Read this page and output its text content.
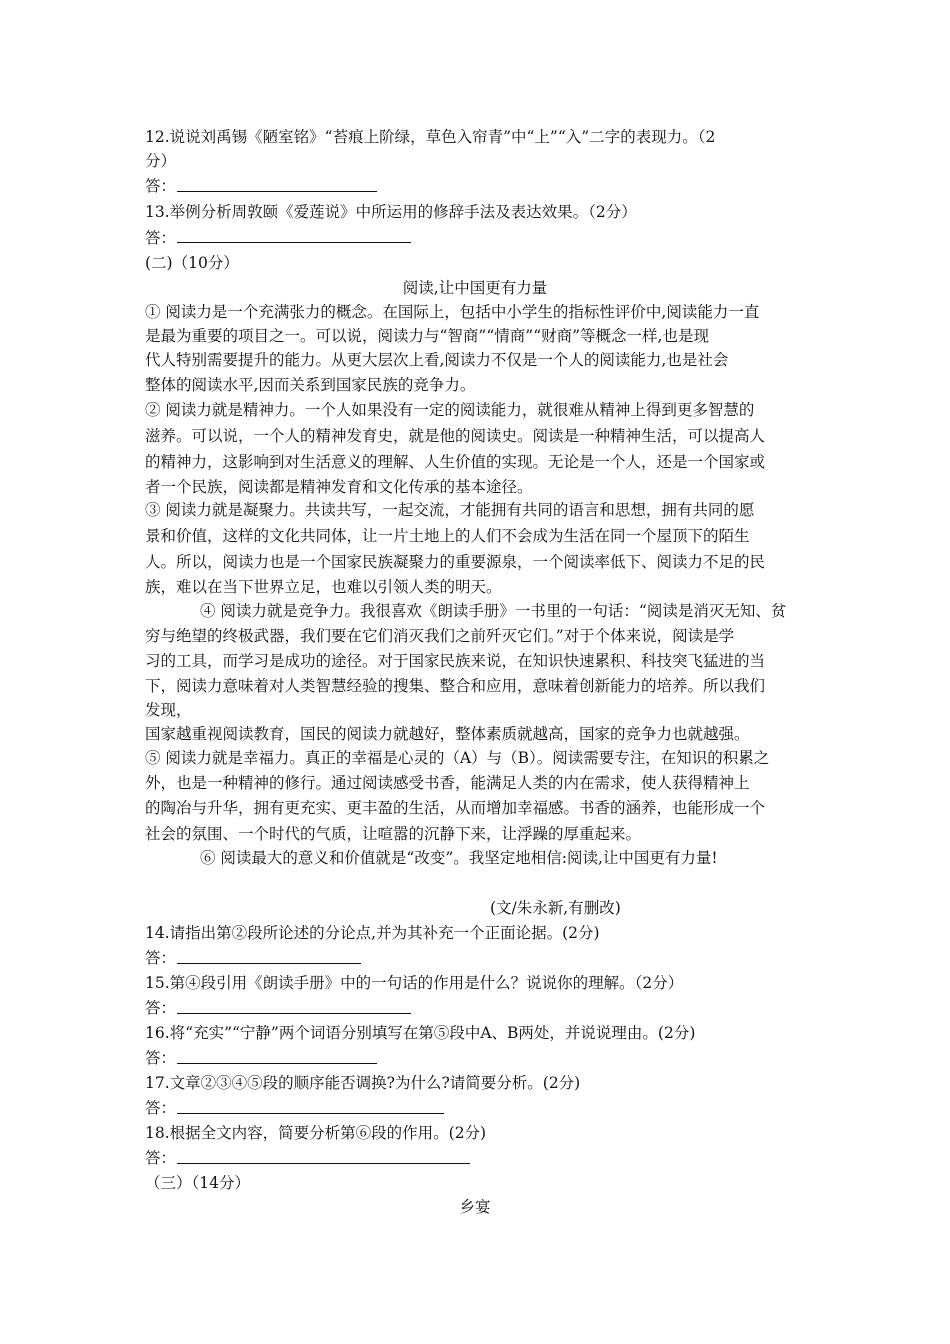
12.说说刘禹锡《陋室铭》“苔痕上阶绿，草色入帘青”中“上”“入”二字的表现力。（2
分）
答：
13.举例分析周敦颐《爱莲说》中所运用的修辞手法及表达效果。（2分）
答：
(二)（10分）
阅读,让中国更有力量
① 阅读力是一个充满张力的概念。在国际上，包括中小学生的指标性评价中,阅读能力一直
是最为重要的项目之一。可以说，阅读力与“智商”“情商”“财商”等概念一样,也是现
代人特别需要提升的能力。从更大层次上看,阅读力不仅是一个人的阅读能力,也是社会
整体的阅读水平,因而关系到国家民族的竞争力。
② 阅读力就是精神力。一个人如果没有一定的阅读能力，就很难从精神上得到更多智慧的
滋养。可以说，一个人的精神发育史，就是他的阅读史。阅读是一种精神生活，可以提高人
的精神力，这影响到对生活意义的理解、人生价值的实现。无论是一个人，还是一个国家或
者一个民族，阅读都是精神发育和文化传承的基本途径。
③ 阅读力就是凝聚力。共读共写，一起交流，才能拥有共同的语言和思想，拥有共同的愿
景和价值，这样的文化共同体，让一片土地上的人们不会成为生活在同一个屋顶下的陌生
人。所以，阅读力也是一个国家民族凝聚力的重要源泉，一个阅读率低下、阅读力不足的民
族，难以在当下世界立足，也难以引领人类的明天。
④ 阅读力就是竞争力。我很喜欢《朗读手册》一书里的一句话：“阅读是消灭无知、贫
穷与绝望的终极武器，我们要在它们消灭我们之前歼灭它们。”对于个体来说，阅读是学
习的工具，而学习是成功的途径。对于国家民族来说，在知识快速累积、科技突飞猛进的当
下，阅读力意味着对人类智慧经验的搜集、整合和应用，意味着创新能力的培养。所以我们
发现，
国家越重视阅读教育，国民的阅读力就越好，整体素质就越高，国家的竞争力也就越强。
⑤ 阅读力就是幸福力。真正的幸福是心灵的（A）与（B）。阅读需要专注，在知识的积累之
外，也是一种精神的修行。通过阅读感受书香，能满足人类的内在需求，使人获得精神上
的陶冶与升华，拥有更充实、更丰盈的生活，从而增加幸福感。书香的涵养，也能形成一个
社会的氛围、一个时代的气质，让喧嚣的沉静下来，让浮躁的厚重起来。
⑥ 阅读最大的意义和价值就是“改变”。我坚定地相信:阅读,让中国更有力量!
(文/朱永新,有删改)
14.请指出第②段所论述的分论点,并为其补充一个正面论据。(2分)
答：
15.第④段引用《朗读手册》中的一句话的作用是什么？说说你的理解。（2分）
答：
16.将“充实”“宁静”两个词语分别填写在第⑤段中A、B两处，并说说理由。(2分)
答：
17.文章②③④⑤段的顺序能否调换?为什么?请简要分析。(2分)
答：
18.根据全文内容，简要分析第⑥段的作用。(2分)
答：
（三）（14分）
乡宴
